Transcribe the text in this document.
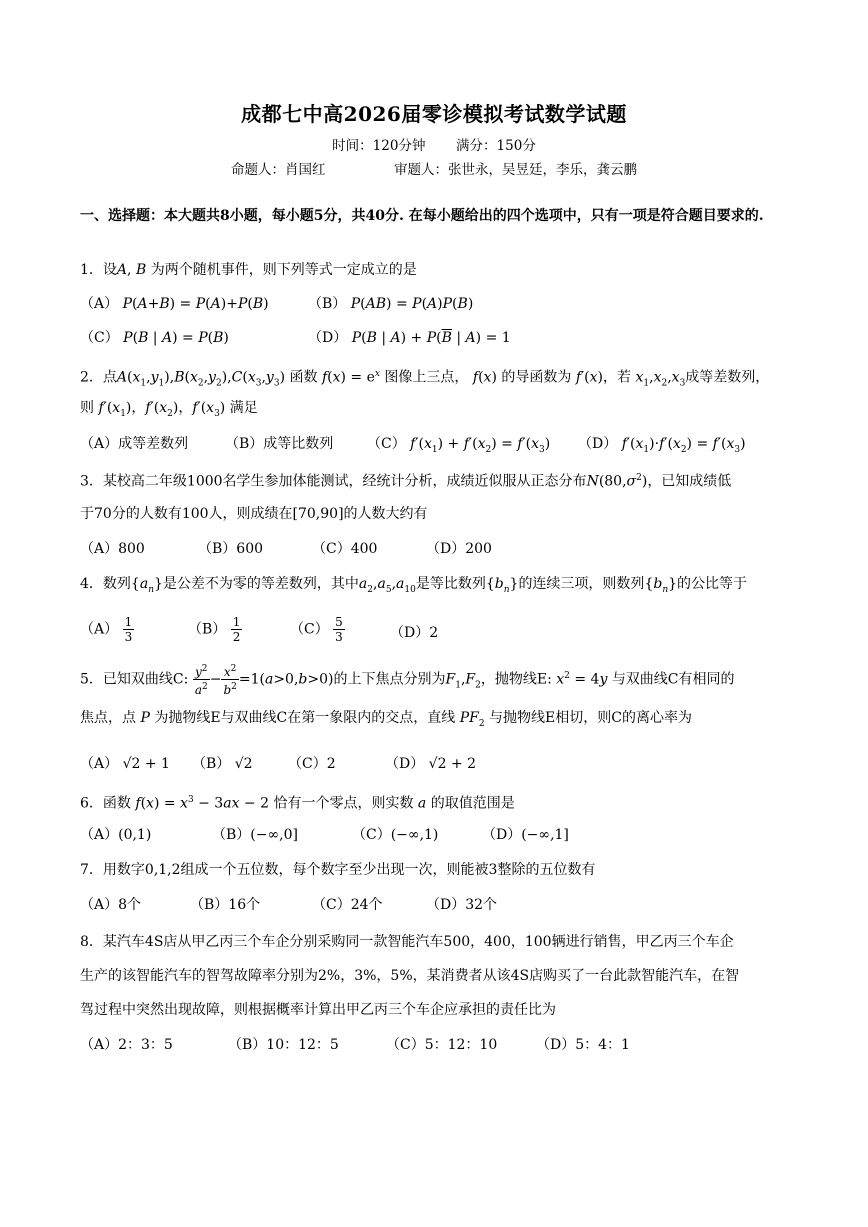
成都七中高2026届零诊模拟考试数学试题
时间：120分钟 满分：150分
命题人：肖国红	审题人：张世永，吴昱廷，李乐，龚云鹏
一、选择题：本大题共8小题，每小题5分，共40分. 在每小题给出的四个选项中，只有一项是符合题目要求的.
1．设A, B 为两个随机事件，则下列等式一定成立的是
（A） P(A+B) = P(A)+P(B)	（B） P(AB) = P(A)P(B)
（C） P(B | A) = P(B)	（D） P(B | $A) + P(\overline{B}$ | A) = 1
2．点$A(x_1,y_1),B(x_2,y_2),C(x_3,y_3)$ 函数 $f(x) = e^x$ 图像上三点， f(x) 的导函数为 f′(x)，若 $x_1,x_2,x_3$成等差数列，
则 $f'(x_1)$，$f'(x_2)$，$f'(x_3)$ 满足
（A）成等差数列	（B）成等比数列 （C） $f'(x_1) + f'(x_2) = f'(x_3)$ （D） $f'(x_1)\cdot f'(x_2) = f'(x_3)$
3．某校高二年级1000名学生参加体能测试，经统计分析，成绩近似服从正态分布$N(80,\sigma^2)$，已知成绩低
于70分的人数有100人，则成绩在[70,90]的人数大约有
（A）800	（B）600	（C）400	（D）200
4．数列$\{a_n\}$是公差不为零的等差数列，其中$a_2,a_5,a_{10}$是等比数列$\{b_n\}$的连续三项，则数列$\{b_n\}$的公比等于
$(A) \frac{1}{3}$	$(B) \frac{1}{2}$	$(C) \frac{5}{3}$	（D）2
5．已知双曲线C: $\frac{y^2}{a^2} - \frac{x^2}{b^2} =1(a>0,b>0)$的上下焦点分别为$F_1,F_2$，抛物线E: $x^2 = 4y$ 与双曲线C有相同的
焦点，点 P 为抛物线E与双曲线C在第一象限内的交点，直线 $PF_2$ 与抛物线E相切，则C的离心率为
（A） √2 + 1 （B） √2	（C）2	（D） √2 + 2
6．函数 $f(x) = x^3 - 3ax - 2$ 恰有一个零点，则实数 a 的取值范围是
（A）(0,1)	（B）(−∞,0]	（C）(−∞,1)	（D）(−∞,1]
7．用数字0,1,2组成一个五位数，每个数字至少出现一次，则能被3整除的五位数有
（A）8个	（B）16个	（C）24个	（D）32个
8．某汽车4S店从甲乙丙三个车企分别采购同一款智能汽车500，400，100辆进行销售，甲乙丙三个车企
生产的该智能汽车的智驾故障率分别为2%，3%，5%，某消费者从该4S店购买了一台此款智能汽车，在智
驾过程中突然出现故障，则根据概率计算出甲乙丙三个车企应承担的责任比为
（A）2：3：5	（B）10：12：5	（C）5：12：10	（D）5：4：1
